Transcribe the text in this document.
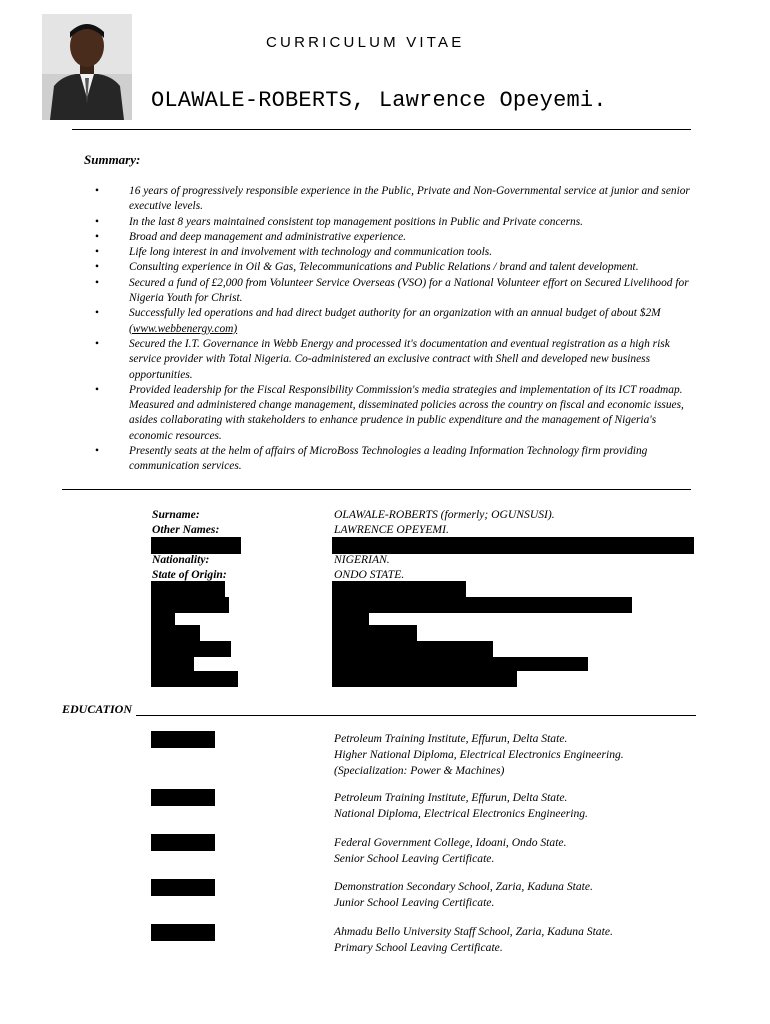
CURRICULUM VITAE
OLAWALE-ROBERTS, Lawrence Opeyemi.
Summary:
• 16 years of progressively responsible experience in the Public, Private and Non-Governmental service at junior and senior executive levels.
• In the last 8 years maintained consistent top management positions in Public and Private concerns.
• Broad and deep management and administrative experience.
• Life long interest in and involvement with technology and communication tools.
• Consulting experience in Oil & Gas, Telecommunications and Public Relations / brand and talent development.
• Secured a fund of £2,000 from Volunteer Service Overseas (VSO) for a National Volunteer effort on Secured Livelihood for Nigeria Youth for Christ.
• Successfully led operations and had direct budget authority for an organization with an annual budget of about $2M (www.webbenergy.com)
• Secured the I.T. Governance in Webb Energy and processed it's documentation and eventual registration as a high risk service provider with Total Nigeria. Co-administered an exclusive contract with Shell and developed new business opportunities.
• Provided leadership for the Fiscal Responsibility Commission's media strategies and implementation of its ICT roadmap. Measured and administered change management, disseminated policies across the country on fiscal and economic issues, asides collaborating with stakeholders to enhance prudence in public expenditure and the management of Nigeria's economic resources.
• Presently seats at the helm of affairs of MicroBoss Technologies a leading Information Technology firm providing communication services.
Surname:	OLAWALE-ROBERTS (formerly; OGUNSUSI).
Other Names:	LAWRENCE OPEYEMI.
Nationality:	NIGERIAN.
State of Origin:	ONDO STATE.
EDUCATION
Petroleum Training Institute, Effurun, Delta State.
Higher National Diploma, Electrical Electronics Engineering.
(Specialization: Power & Machines)
Petroleum Training Institute, Effurun, Delta State.
National Diploma, Electrical Electronics Engineering.
Federal Government College, Idoani, Ondo State.
Senior School Leaving Certificate.
Demonstration Secondary School, Zaria, Kaduna State.
Junior School Leaving Certificate.
Ahmadu Bello University Staff School, Zaria, Kaduna State.
Primary School Leaving Certificate.
